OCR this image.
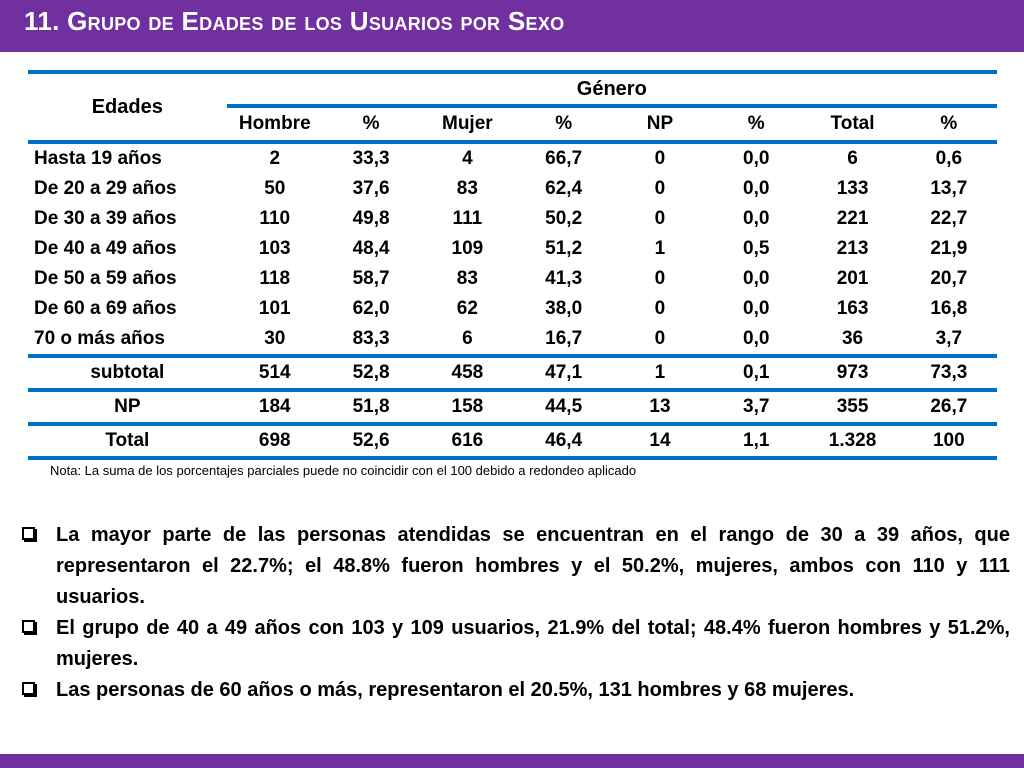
11. Grupo de Edades de los Usuarios por Sexo
Edades	Género							
	Hombre	%	Mujer	%	NP	%	Total	%
Hasta 19 años	2	33,3	4	66,7	0	0,0	6	0,6
De 20 a 29 años	50	37,6	83	62,4	0	0,0	133	13,7
De 30 a 39 años	110	49,8	111	50,2	0	0,0	221	22,7
De 40 a 49 años	103	48,4	109	51,2	1	0,5	213	21,9
De 50 a 59 años	118	58,7	83	41,3	0	0,0	201	20,7
De 60 a 69 años	101	62,0	62	38,0	0	0,0	163	16,8
70 o más años	30	83,3	6	16,7	0	0,0	36	3,7
subtotal	514	52,8	458	47,1	1	0,1	973	73,3
NP	184	51,8	158	44,5	13	3,7	355	26,7
Total	698	52,6	616	46,4	14	1,1	1.328	100

Nota: La suma de los porcentajes parciales puede no coincidir con el 100 debido a redondeo aplicado

La mayor parte de las personas atendidas se encuentran en el rango de 30 a 39 años, que representaron el 22.7%; el 48.8% fueron hombres y el 50.2%, mujeres, ambos con 110 y 111 usuarios.
El grupo de 40 a 49 años con 103 y 109 usuarios, 21.9% del total; 48.4% fueron hombres y 51.2%, mujeres.
Las personas de 60 años o más, representaron el 20.5%, 131 hombres y 68 mujeres.
